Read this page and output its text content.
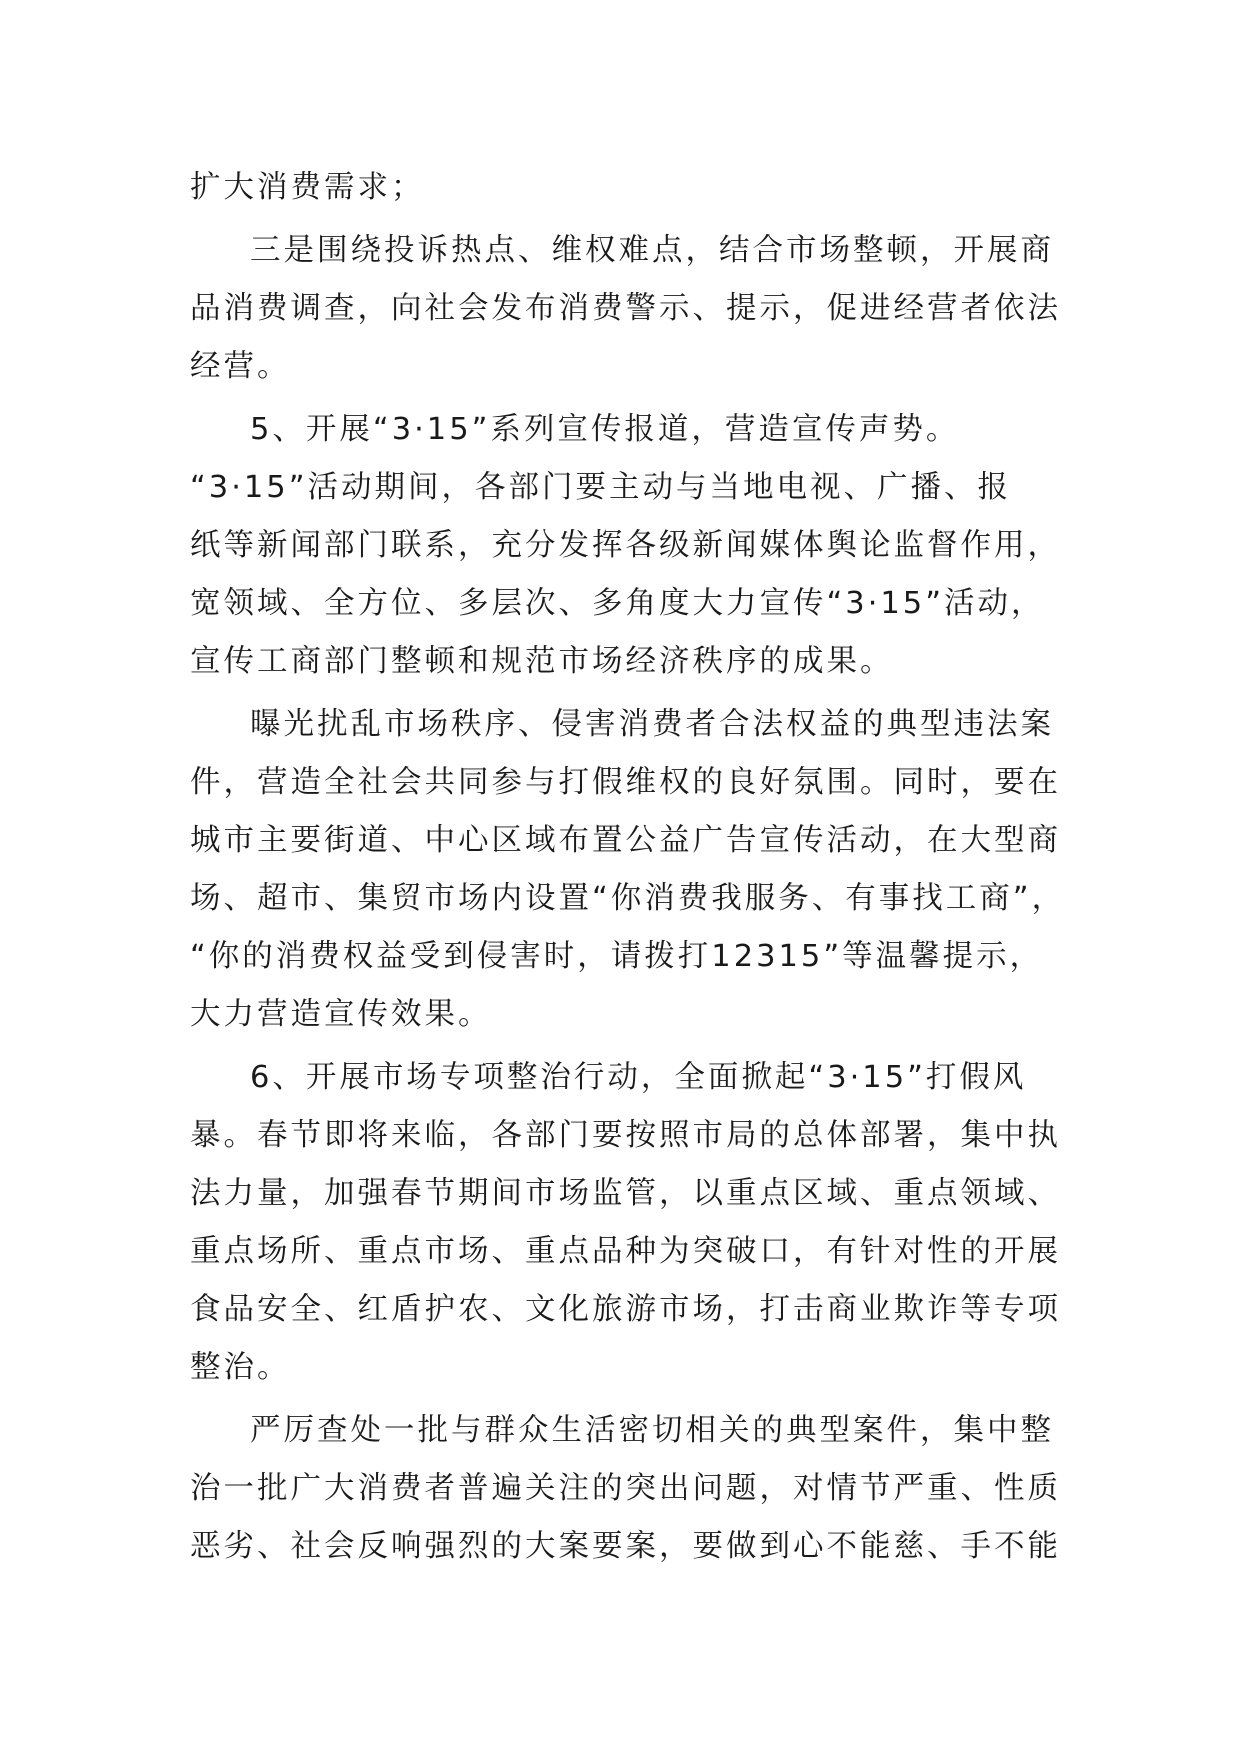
扩大消费需求；
三是围绕投诉热点、维权难点，结合市场整顿，开展商
品消费调查，向社会发布消费警示、提示，促进经营者依法
经营。
5、开展“3·15”系列宣传报道，营造宣传声势。
“3·15”活动期间，各部门要主动与当地电视、广播、报
纸等新闻部门联系，充分发挥各级新闻媒体舆论监督作用，
宽领域、全方位、多层次、多角度大力宣传“3·15”活动，
宣传工商部门整顿和规范市场经济秩序的成果。
曝光扰乱市场秩序、侵害消费者合法权益的典型违法案
件，营造全社会共同参与打假维权的良好氛围。同时，要在
城市主要街道、中心区域布置公益广告宣传活动，在大型商
场、超市、集贸市场内设置“你消费我服务、有事找工商”，
“你的消费权益受到侵害时，请拨打12315”等温馨提示，
大力营造宣传效果。
6、开展市场专项整治行动，全面掀起“3·15”打假风
暴。春节即将来临，各部门要按照市局的总体部署，集中执
法力量，加强春节期间市场监管，以重点区域、重点领域、
重点场所、重点市场、重点品种为突破口，有针对性的开展
食品安全、红盾护农、文化旅游市场，打击商业欺诈等专项
整治。
严厉查处一批与群众生活密切相关的典型案件，集中整
治一批广大消费者普遍关注的突出问题，对情节严重、性质
恶劣、社会反响强烈的大案要案，要做到心不能慈、手不能
